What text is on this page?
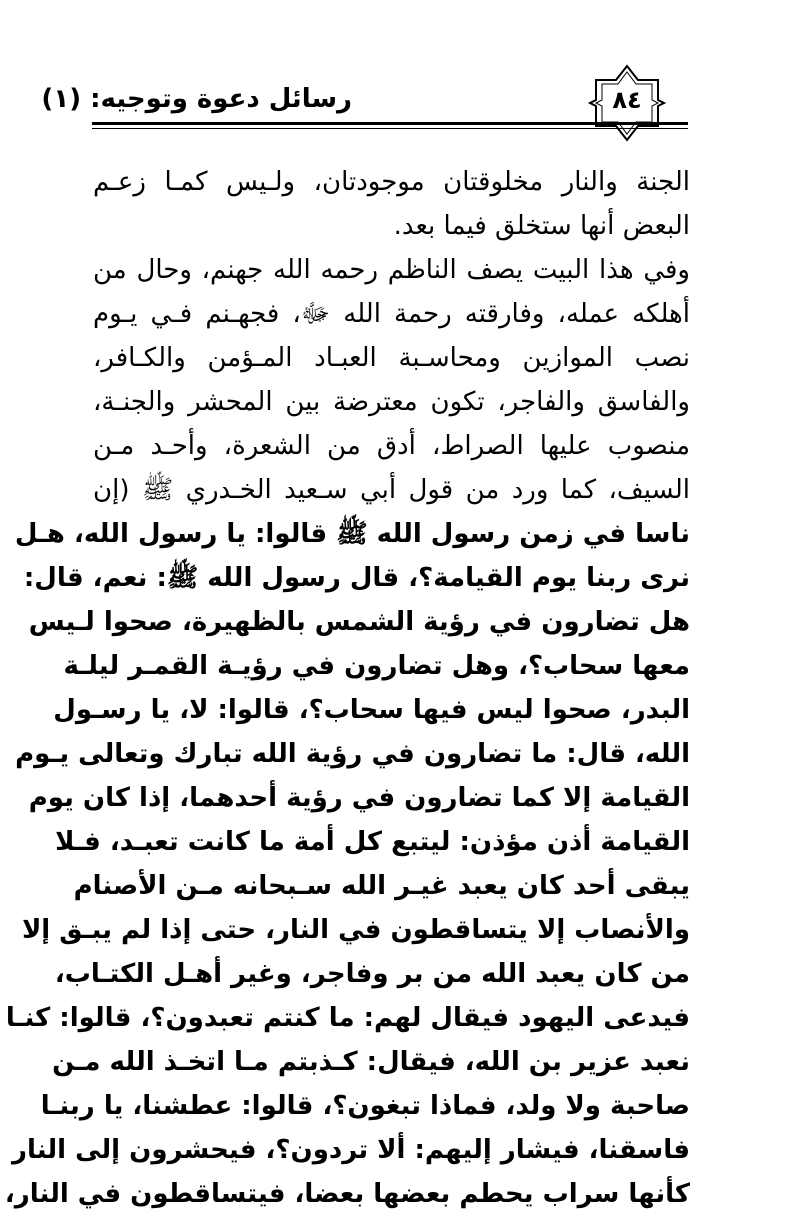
رسائل دعوة وتوجيه: (١)	٨٤
الجنة والنار مخلوقتان موجودتان، ولـيس كمـا زعـم
البعض أنها ستخلق فيما بعد.
وفي هذا البيت يصف الناظم رحمه الله جهنم، وحال من
أهلكه عمله، وفارقته رحمة الله ﷻ، فجهـنم فـي يـوم
نصب الموازين ومحاسـبة العبـاد المـؤمن والكـافر،
والفاسق والفاجر، تكون معترضة بين المحشر والجنـة،
منصوب عليها الصراط، أدق من الشعرة، وأحـد مـن
السيف، كما ورد من قول أبي سـعيد الخـدري ﷺ (إن
ناسا في زمن رسول الله ﷺ قالوا: يا رسول الله، هـل
نرى ربنا يوم القيامة؟، قال رسول الله ﷺ: نعم، قال:
هل تضارون في رؤية الشمس بالظهيرة، صحوا لـيس
معها سحاب؟، وهل تضارون في رؤيـة القمـر ليلـة
البدر، صحوا ليس فيها سحاب؟، قالوا: لا، يا رسـول
الله، قال: ما تضارون في رؤية الله تبارك وتعالى يـوم
القيامة إلا كما تضارون في رؤية أحدهما، إذا كان يوم
القيامة أذن مؤذن: ليتبع كل أمة ما كانت تعبـد، فـلا
يبقى أحد كان يعبد غيـر الله سـبحانه مـن الأصنام
والأنصاب إلا يتساقطون في النار، حتى إذا لم يبـق إلا
من كان يعبد الله من بر وفاجر، وغير أهـل الكتـاب،
فيدعى اليهود فيقال لهم: ما كنتم تعبدون؟، قالوا: كنـا
نعبد عزير بن الله، فيقال: كـذبتم مـا اتخـذ الله مـن
صاحبة ولا ولد، فماذا تبغون؟، قالوا: عطشنا، يا ربنـا
فاسقنا، فيشار إليهم: ألا تردون؟، فيحشرون إلى النار
كأنها سراب يحطم بعضها بعضا، فيتساقطون في النار،
